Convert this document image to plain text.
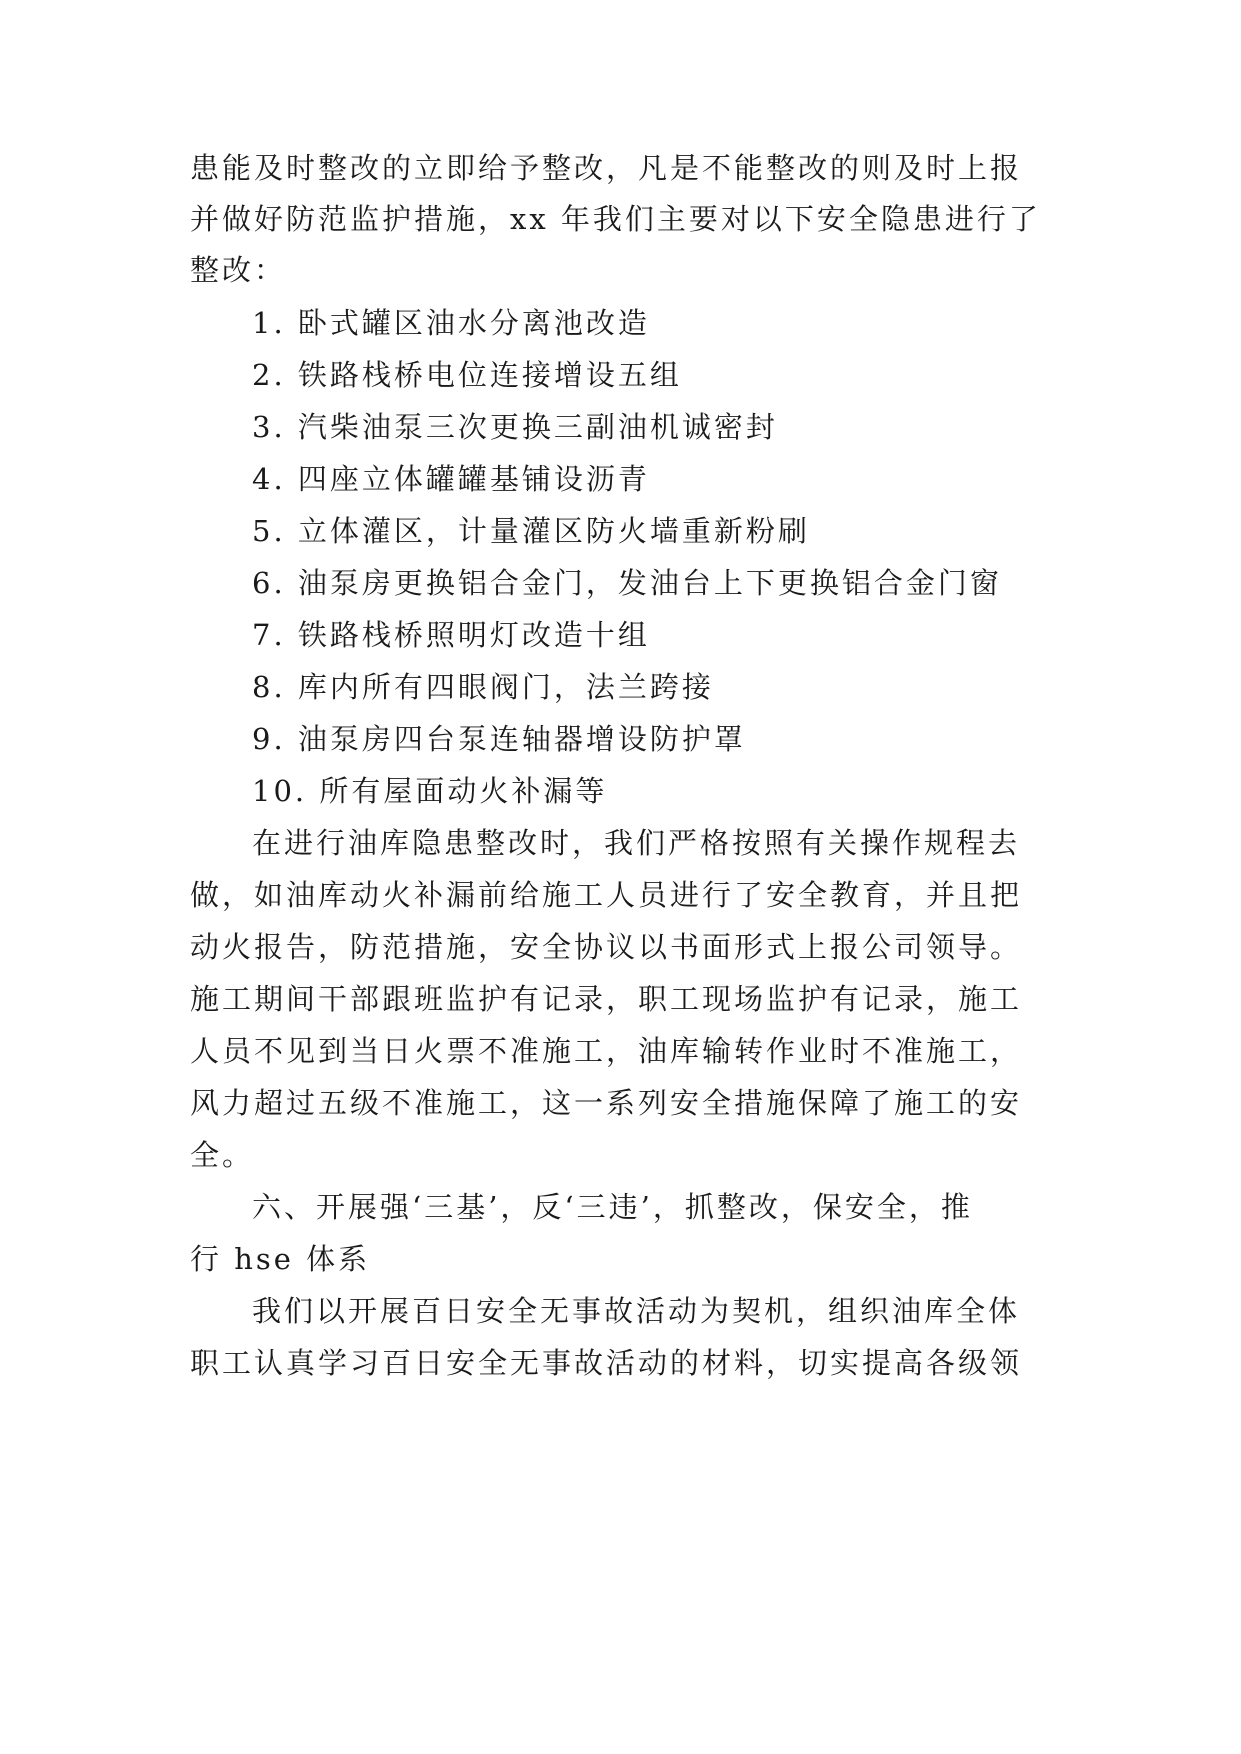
患能及时整改的立即给予整改，凡是不能整改的则及时上报
并做好防范监护措施，xx 年我们主要对以下安全隐患进行了
整改：
1. 卧式罐区油水分离池改造
2. 铁路栈桥电位连接增设五组
3. 汽柴油泵三次更换三副油机诚密封
4. 四座立体罐罐基铺设沥青
5. 立体灌区，计量灌区防火墙重新粉刷
6. 油泵房更换铝合金门，发油台上下更换铝合金门窗
7. 铁路栈桥照明灯改造十组
8. 库内所有四眼阀门，法兰跨接
9. 油泵房四台泵连轴器增设防护罩
10. 所有屋面动火补漏等
在进行油库隐患整改时，我们严格按照有关操作规程去
做，如油库动火补漏前给施工人员进行了安全教育，并且把
动火报告，防范措施，安全协议以书面形式上报公司领导。
施工期间干部跟班监护有记录，职工现场监护有记录，施工
人员不见到当日火票不准施工，油库输转作业时不准施工，
风力超过五级不准施工，这一系列安全措施保障了施工的安
全。
六、开展强‘三基’，反‘三违’，抓整改，保安全，推
行 hse 体系
我们以开展百日安全无事故活动为契机，组织油库全体
职工认真学习百日安全无事故活动的材料，切实提高各级领
